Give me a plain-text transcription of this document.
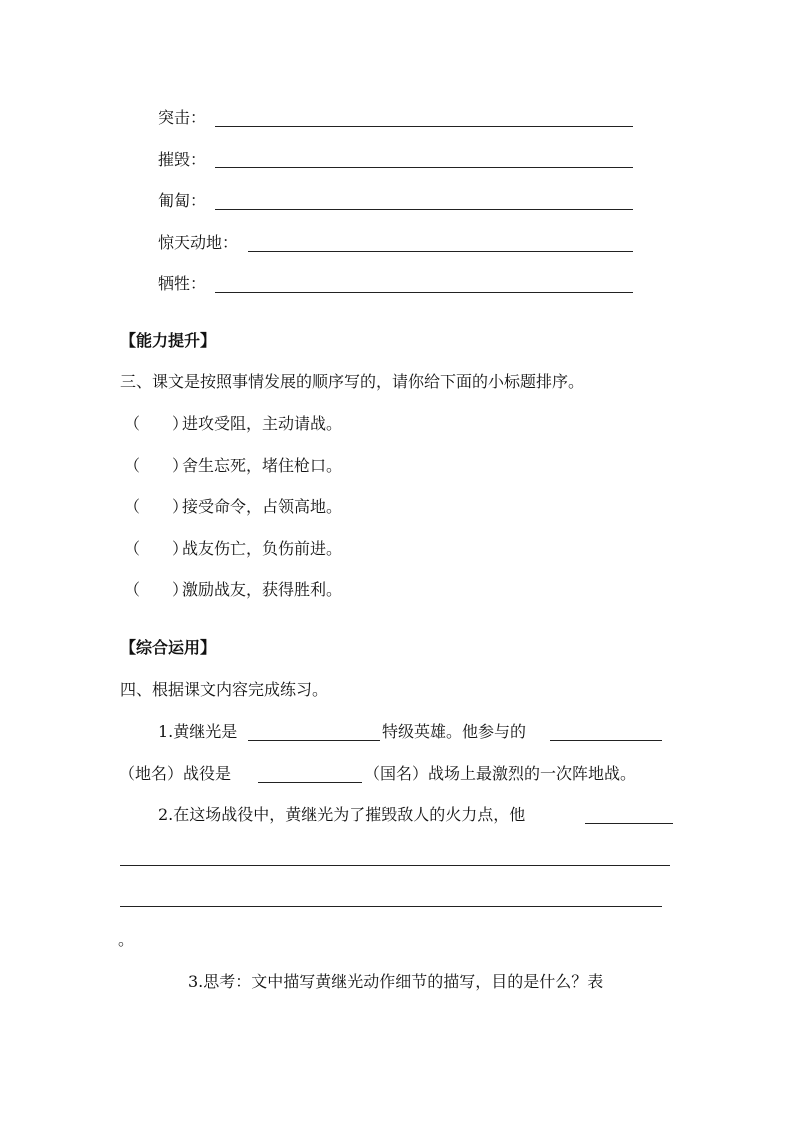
突击：
摧毁：
匍匐：
惊天动地：
牺牲：
【能力提升】
三、课文是按照事情发展的顺序写的，请你给下面的小标题排序。
（　　）进攻受阻，主动请战。
（　　）舍生忘死，堵住枪口。
（　　）接受命令，占领高地。
（　　）战友伤亡，负伤前进。
（　　）激励战友，获得胜利。
【综合运用】
四、根据课文内容完成练习。
1.黄继光是	特级英雄。他参与的
（地名）战役是	（国名）战场上最激烈的一次阵地战。
2.在这场战役中，黄继光为了摧毁敌人的火力点，他
。
3.思考：文中描写黄继光动作细节的描写，目的是什么？表
